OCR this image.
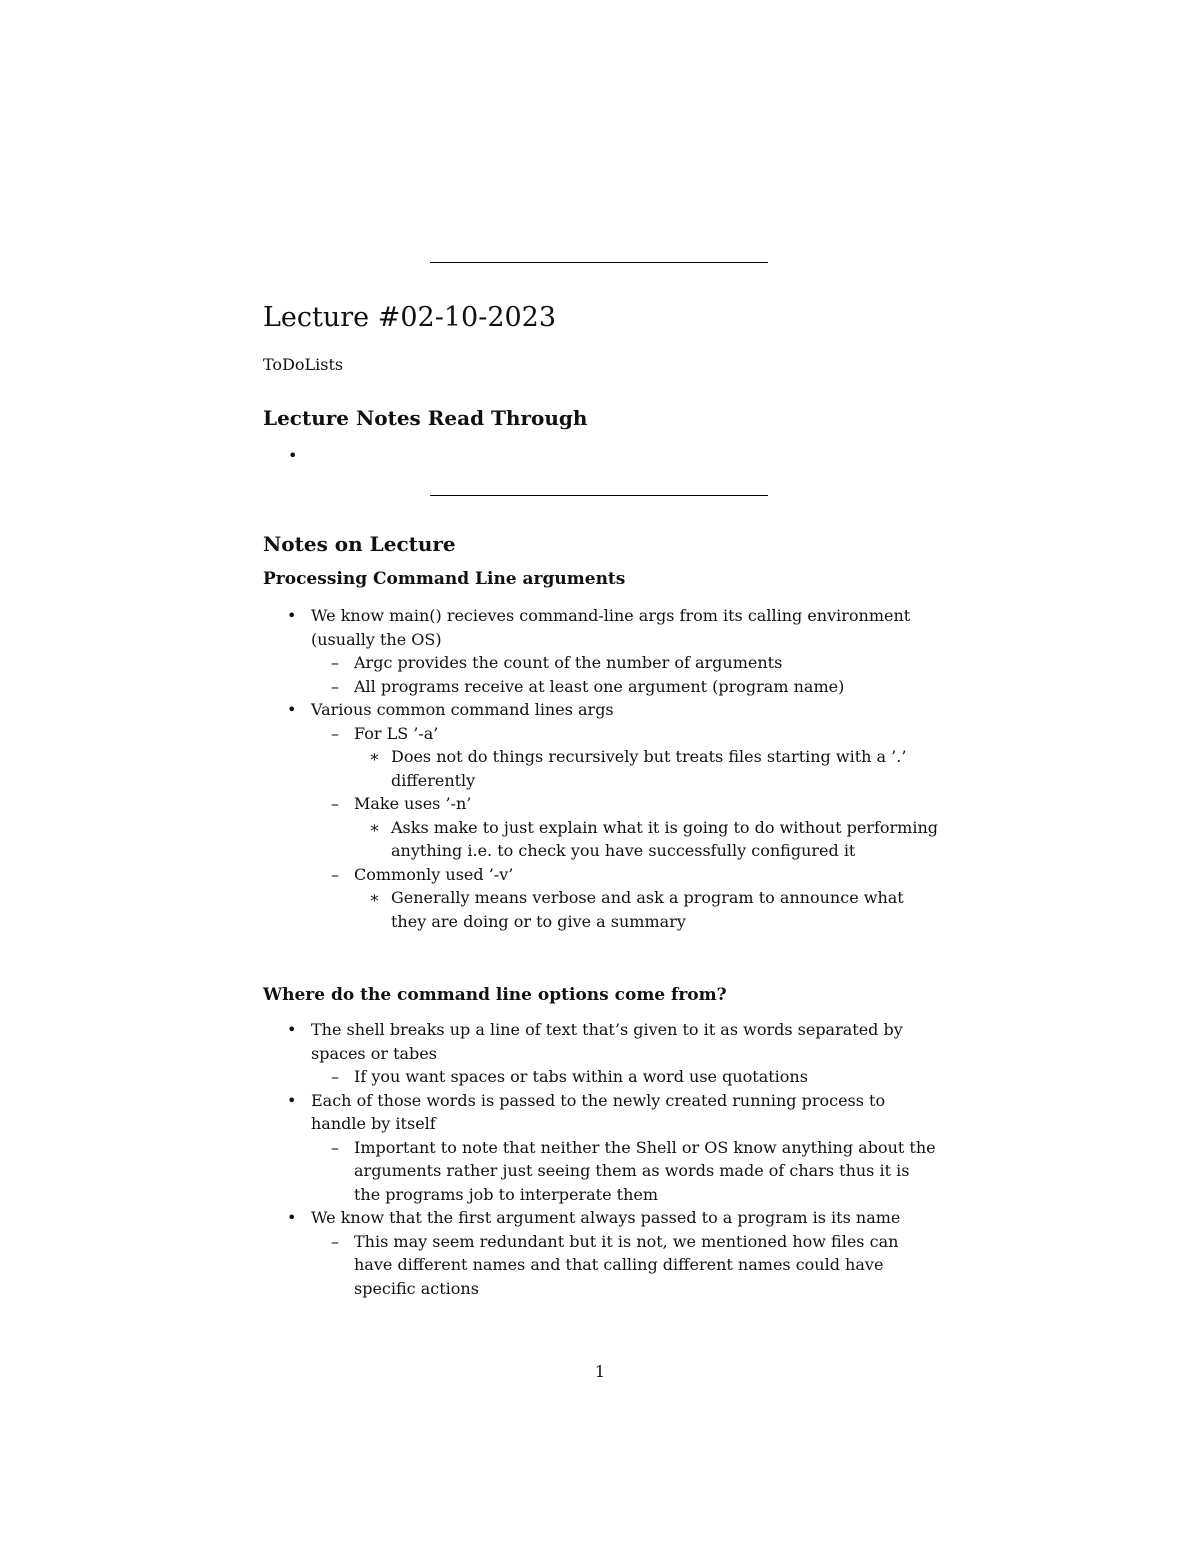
Lecture #02-10-2023
ToDoLists
Lecture Notes Read Through
•
Notes on Lecture
Processing Command Line arguments
• We know main() recieves command-line args from its calling environment (usually the OS)
– Argc provides the count of the number of arguments
– All programs receive at least one argument (program name)
• Various common command lines args
– For LS ’-a’
∗ Does not do things recursively but treats files starting with a ’.’ differently
– Make uses ’-n’
∗ Asks make to just explain what it is going to do without performing anything i.e. to check you have successfully configured it
– Commonly used ’-v’
∗ Generally means verbose and ask a program to announce what they are doing or to give a summary
Where do the command line options come from?
• The shell breaks up a line of text that’s given to it as words separated by spaces or tabes
– If you want spaces or tabs within a word use quotations
• Each of those words is passed to the newly created running process to handle by itself
– Important to note that neither the Shell or OS know anything about the arguments rather just seeing them as words made of chars thus it is the programs job to interperate them
• We know that the first argument always passed to a program is its name
– This may seem redundant but it is not, we mentioned how files can have different names and that calling different names could have specific actions
1
